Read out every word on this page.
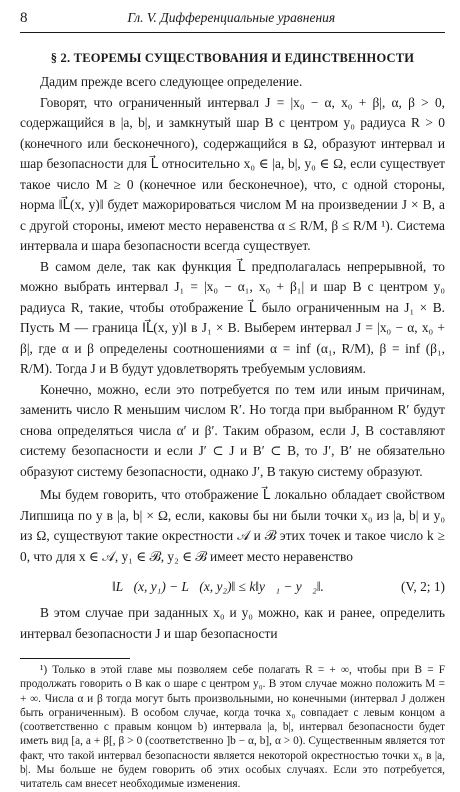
8	Гл. V. Дифференциальные уравнения
§ 2. ТЕОРЕМЫ СУЩЕСТВОВАНИЯ И ЕДИНСТВЕННОСТИ

Дадим прежде всего следующее определение.

Говорят, что ограниченный интервал J = |x₀ − α, x₀ + β|, α, β > 0, содержащийся в |a, b|, и замкнутый шар B с центром y₀ радиуса R > 0 (конечного или бесконечного), содержащийся в Ω, образуют интервал и шар безопасности для L⃗ относительно x₀ ∈ |a, b|, y₀ ∈ Ω, если существует такое число M ≥ 0 (конечное или бесконечное), что, с одной стороны, норма ‖L⃗(x, y)‖ будет мажорироваться числом M на произведении J × B, а с другой стороны, имеют место неравенства α ≤ R/M, β ≤ R/M ¹). Система интервала и шара безопасности всегда существует.

В самом деле, так как функция L⃗ предполагалась непрерывной, то можно выбрать интервал J₁ = |x₀ − α₁, x₀ + β₁| и шар B с центром y₀ радиуса R, такие, чтобы отображение L⃗ было ограниченным на J₁ × B. Пусть M — граница ‖L⃗(x, y)‖ в J₁ × B. Выберем интервал J = |x₀ − α, x₀ + β|, где α и β определены соотношениями α = inf (α₁, R/M), β = inf (β₁, R/M). Тогда J и B будут удовлетворять требуемым условиям.

Конечно, можно, если это потребуется по тем или иным причинам, заменить число R меньшим числом R′. Но тогда при выбранном R′ будут снова определяться числа α′ и β′. Таким образом, если J, B составляют систему безопасности и если J′ ⊂ J и B′ ⊂ B, то J′, B′ не обязательно образуют систему безопасности, однако J′, B такую систему образуют.

Мы будем говорить, что отображение L⃗ локально обладает свойством Липшица по y в |a, b| × Ω, если, каковы бы ни были точки x₀ из |a, b| и y₀ из Ω, существуют такие окрестности 𝒜 и ℬ этих точек и такое число k ≥ 0, что для x ∈ 𝒜, y₁ ∈ ℬ, y₂ ∈ ℬ имеет место неравенство

‖L⃗(x, y₁) − L⃗(x, y₂)‖ ≤ k‖y⃗₁ − y⃗₂‖.	(V, 2; 1)

В этом случае при заданных x₀ и y₀ можно, как и ранее, определить интервал безопасности J и шар безопасности

¹) Только в этой главе мы позволяем себе полагать R = + ∞, чтобы при B = F продолжать говорить о B как о шаре с центром y₀. В этом случае можно положить M = + ∞. Числа α и β тогда могут быть произвольными, но конечными (интервал J должен быть ограниченным). В особом случае, когда точка x₀ совпадает с левым концом a (соответственно с правым концом b) интервала |a, b|, интервал безопасности будет иметь вид [a, a + β[, β > 0 (соответственно ]b − α, b], α > 0). Существенным является тот факт, что такой интервал безопасности является некоторой окрестностью точки x₀ в |a, b|. Мы больше не будем говорить об этих особых случаях. Если это потребуется, читатель сам внесет необходимые изменения.
